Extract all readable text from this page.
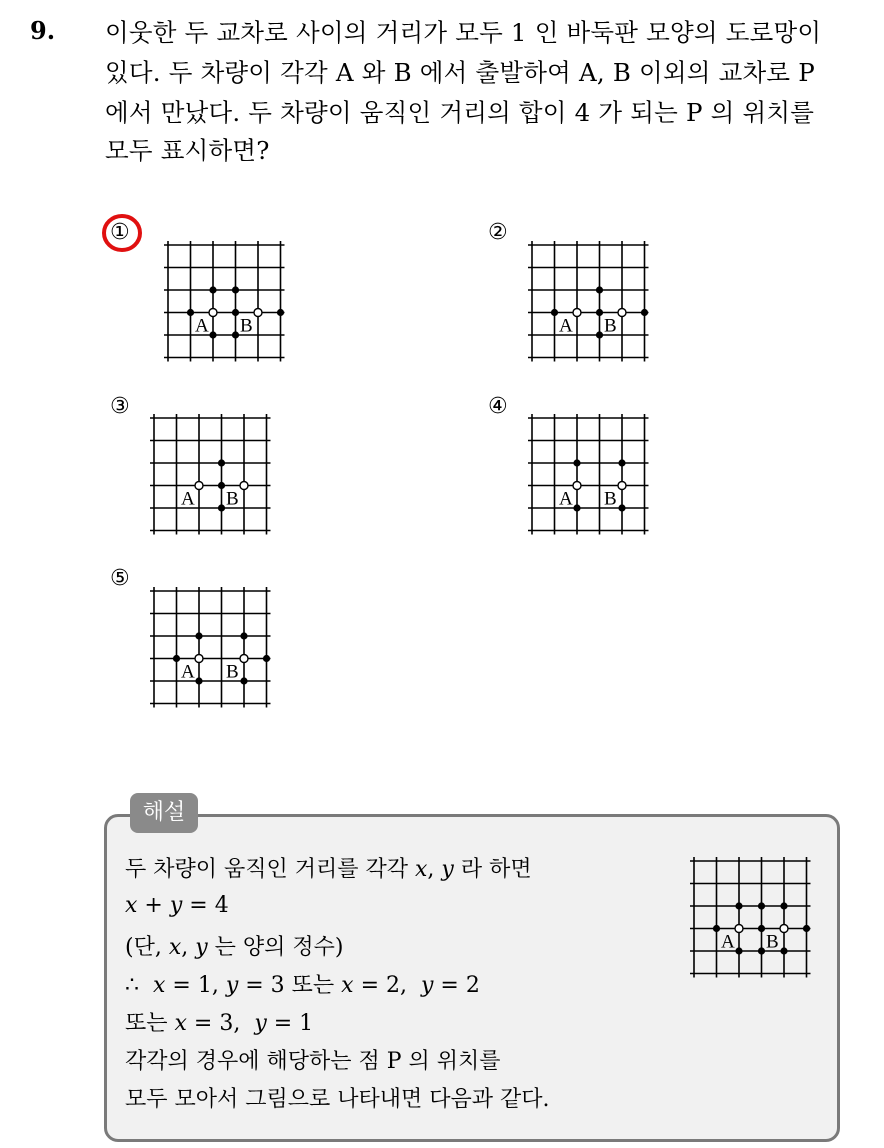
9. 이웃한 두 교차로 사이의 거리가 모두 1 인 바둑판 모양의 도로망이
있다. 두 차량이 각각 A 와 B 에서 출발하여 A, B 이외의 교차로 P
에서 만났다. 두 차량이 움직인 거리의 합이 4 가 되는 P 의 위치를
모두 표시하면?
①
A B
②
A B
③
A B
④
A B
⑤
A B
해설
두 차량이 움직인 거리를 각각 x, y 라 하면
x + y = 4
(단, x, y 는 양의 정수)
∴  x = 1, y = 3 또는 x = 2,  y = 2
또는 x = 3,  y = 1
각각의 경우에 해당하는 점 P 의 위치를
모두 모아서 그림으로 나타내면 다음과 같다.
A B
